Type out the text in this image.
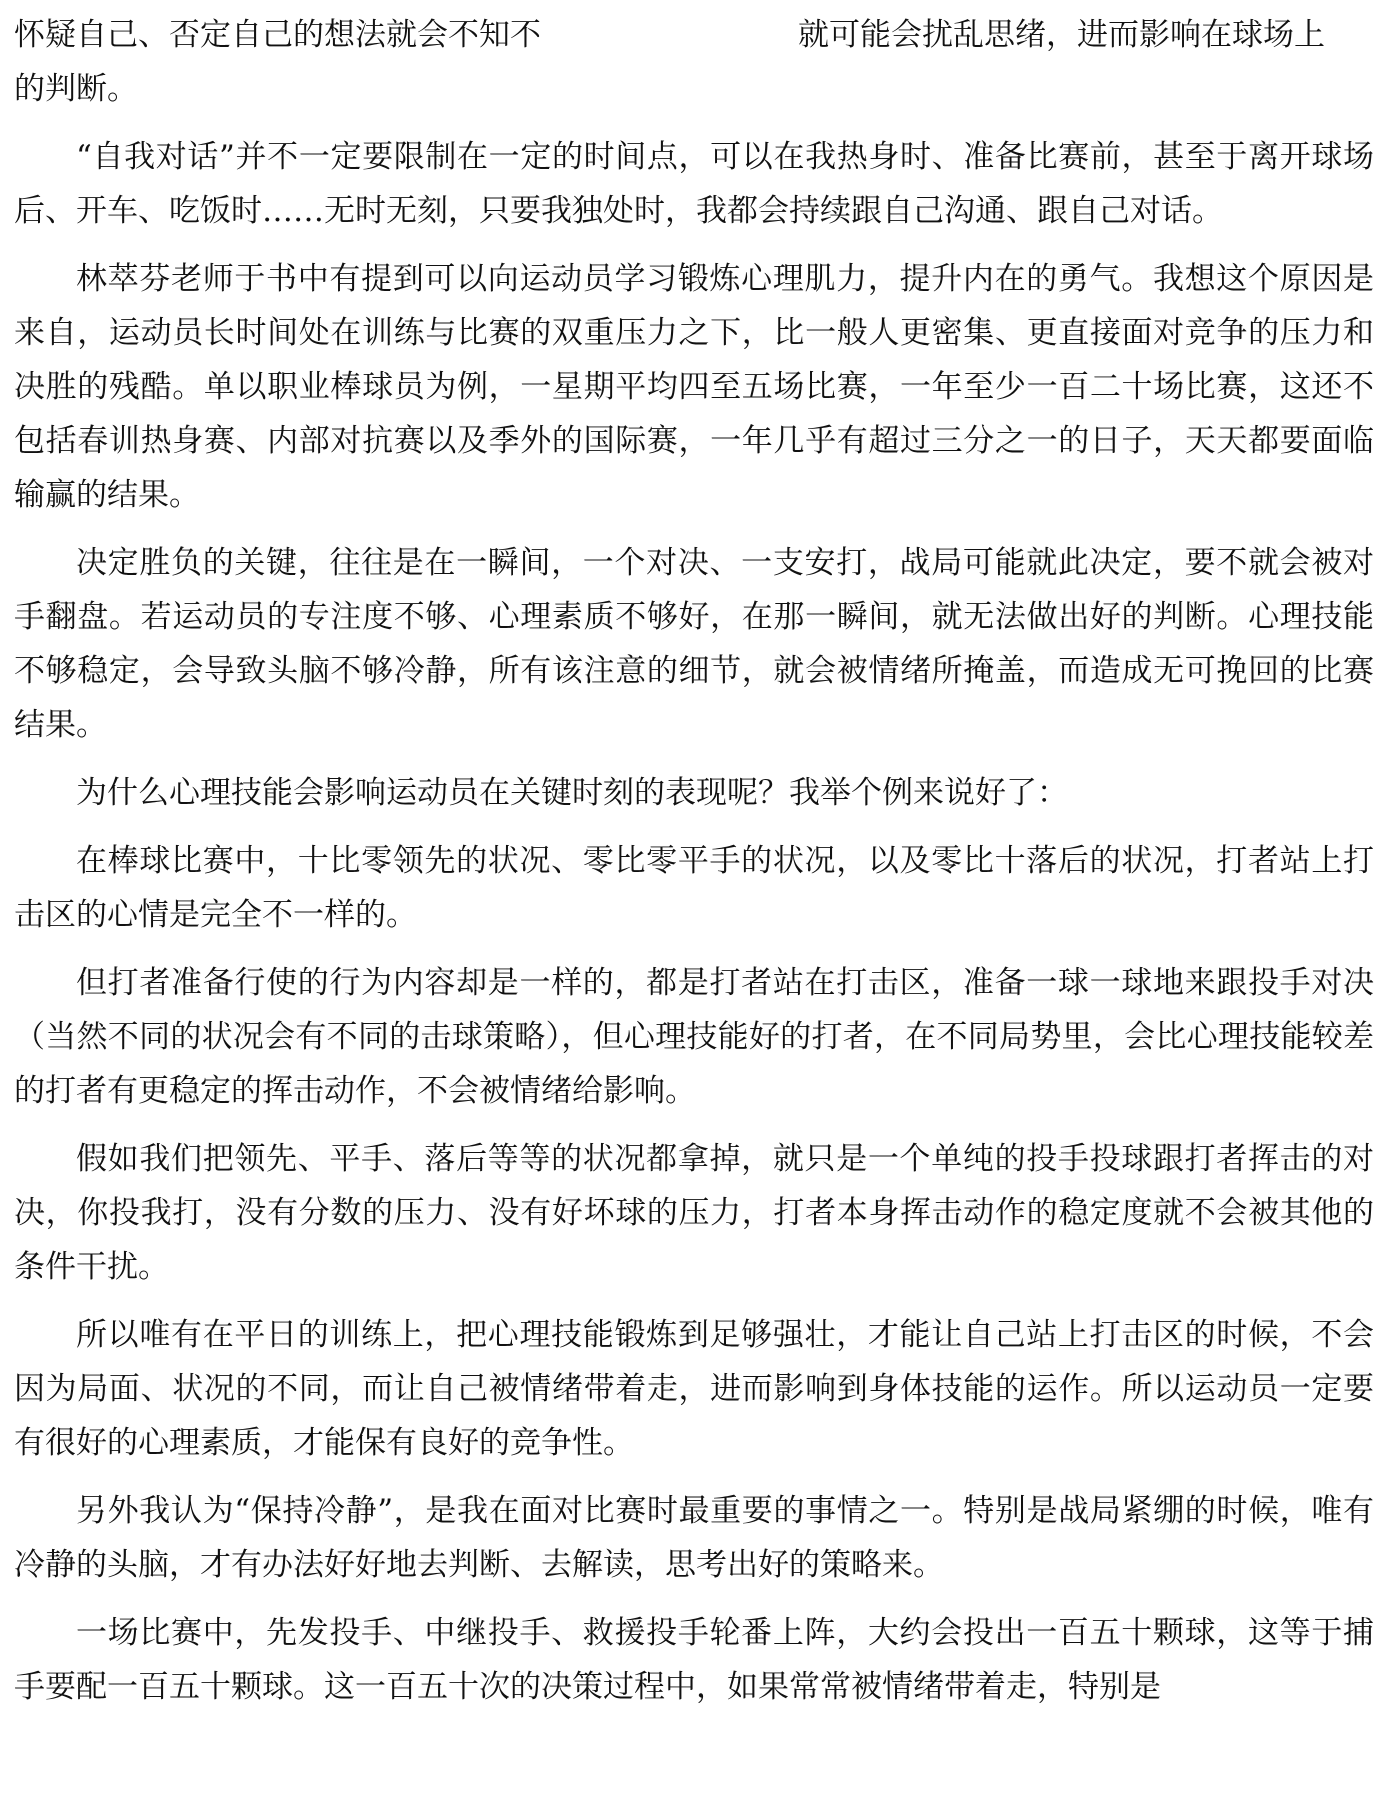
怀疑自己、否定自己的想法就会不知不	就可能会扰乱思绪，进而影响在球场上

的判断。

“自我对话”并不一定要限制在一定的时间点，可以在我热身时、准备比赛前，甚至于离开球场后、开车、吃饭时……无时无刻，只要我独处时，我都会持续跟自己沟通、跟自己对话。

林萃芬老师于书中有提到可以向运动员学习锻炼心理肌力，提升内在的勇气。我想这个原因是来自，运动员长时间处在训练与比赛的双重压力之下，比一般人更密集、更直接面对竞争的压力和决胜的残酷。单以职业棒球员为例，一星期平均四至五场比赛，一年至少一百二十场比赛，这还不包括春训热身赛、内部对抗赛以及季外的国际赛，一年几乎有超过三分之一的日子，天天都要面临输赢的结果。

决定胜负的关键，往往是在一瞬间，一个对决、一支安打，战局可能就此决定，要不就会被对手翻盘。若运动员的专注度不够、心理素质不够好，在那一瞬间，就无法做出好的判断。心理技能不够稳定，会导致头脑不够冷静，所有该注意的细节，就会被情绪所掩盖，而造成无可挽回的比赛结果。

为什么心理技能会影响运动员在关键时刻的表现呢？我举个例来说好了：

在棒球比赛中，十比零领先的状况、零比零平手的状况，以及零比十落后的状况，打者站上打击区的心情是完全不一样的。

但打者准备行使的行为内容却是一样的，都是打者站在打击区，准备一球一球地来跟投手对决（当然不同的状况会有不同的击球策略），但心理技能好的打者，在不同局势里，会比心理技能较差的打者有更稳定的挥击动作，不会被情绪给影响。

假如我们把领先、平手、落后等等的状况都拿掉，就只是一个单纯的投手投球跟打者挥击的对决，你投我打，没有分数的压力、没有好坏球的压力，打者本身挥击动作的稳定度就不会被其他的条件干扰。

所以唯有在平日的训练上，把心理技能锻炼到足够强壮，才能让自己站上打击区的时候，不会因为局面、状况的不同，而让自己被情绪带着走，进而影响到身体技能的运作。所以运动员一定要有很好的心理素质，才能保有良好的竞争性。

另外我认为“保持冷静”，是我在面对比赛时最重要的事情之一。特别是战局紧绷的时候，唯有冷静的头脑，才有办法好好地去判断、去解读，思考出好的策略来。

一场比赛中，先发投手、中继投手、救援投手轮番上阵，大约会投出一百五十颗球，这等于捕手要配一百五十颗球。这一百五十次的决策过程中，如果常常被情绪带着走，特别是
